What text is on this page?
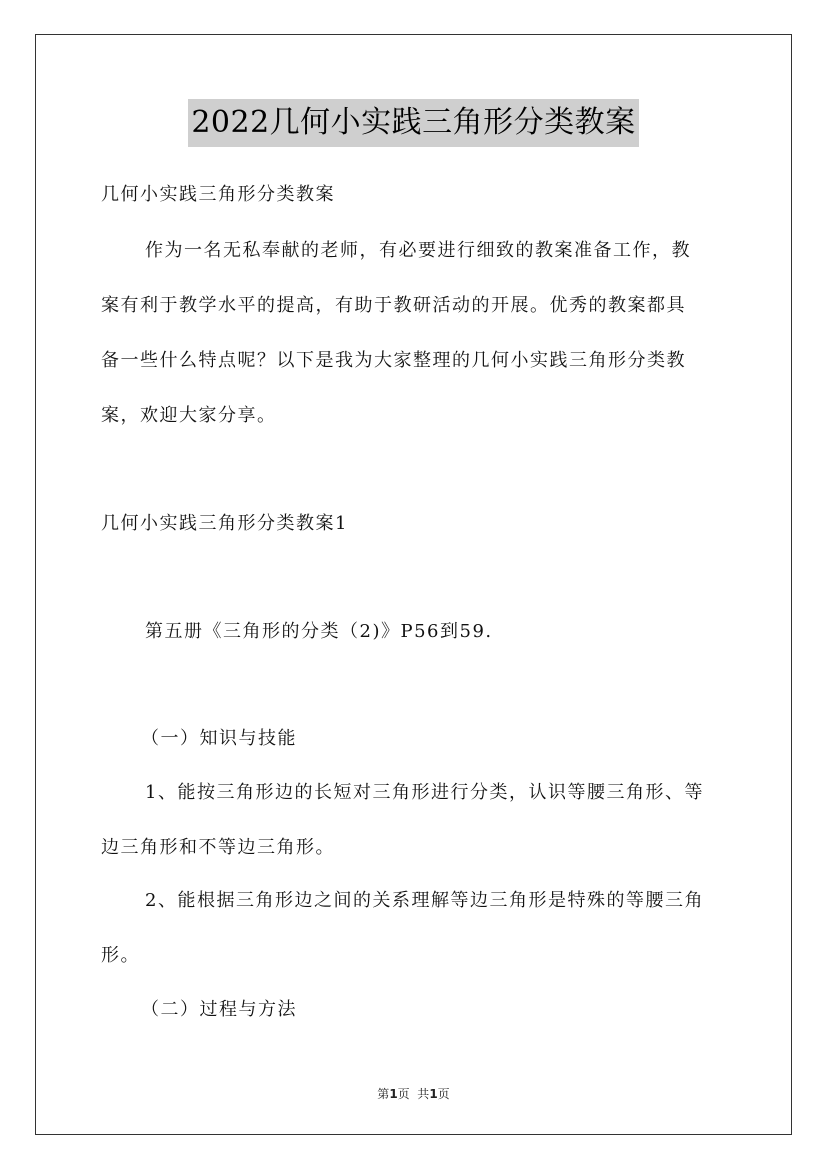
2022几何小实践三角形分类教案
几何小实践三角形分类教案
作为一名无私奉献的老师，有必要进行细致的教案准备工作，教
案有利于教学水平的提高，有助于教研活动的开展。优秀的教案都具
备一些什么特点呢？以下是我为大家整理的几何小实践三角形分类教
案，欢迎大家分享。
几何小实践三角形分类教案1
第五册《三角形的分类（2)》P56到59.
（一）知识与技能
1、能按三角形边的长短对三角形进行分类，认识等腰三角形、等
边三角形和不等边三角形。
2、能根据三角形边之间的关系理解等边三角形是特殊的等腰三角
形。
（二）过程与方法
第1页  共1页
